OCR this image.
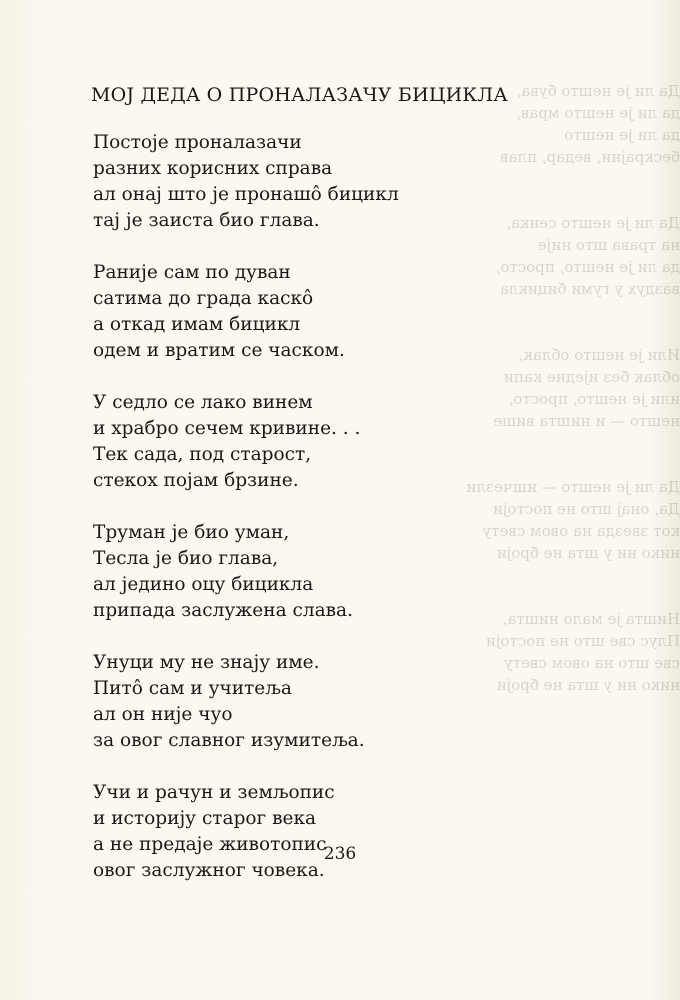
Да ли је нешто бува,
да ли је нешто мрав,
да ли је нешто
бескрајни, ведар, плав
Да ли је нешто сенка,
на трава што није
да ли је нешто, просто,
ваздух у гуми бицикла
Или је нешто облак,
облак без иједне капи
или је нешто, просто,
нешто — и ништа више
Да ли је нешто — ишчезли
Да, онај што не постоји
кот звезда на овом свету
нико ни у шта не броји
Ништа је мало ништа,
Плус све што не постоји
све што на овом свету
нико ни у шта не броји
МОЈ ДЕДА О ПРОНАЛАЗАЧУ БИЦИКЛА
Постоје проналазачи
разних корисних справа
ал онај што је пронашô бицикл
тај је заиста био глава.
Раније сам по дуван
сатима до града каскô
а откад имам бицикл
одем и вратим се часком.
У седло се лако винем
и храбро сечем кривине. . .
Тек сада, под старост,
стекох појам брзине.
Труман је био уман,
Тесла је био глава,
ал једино оцу бицикла
припада заслужена слава.
Унуци му не знају име.
Питô сам и учитеља
ал он није чуо
за овог славног изумитеља.
Учи и рачун и земљопис
и историју старог века
а не предаје животопис
овог заслужног човека.
236
